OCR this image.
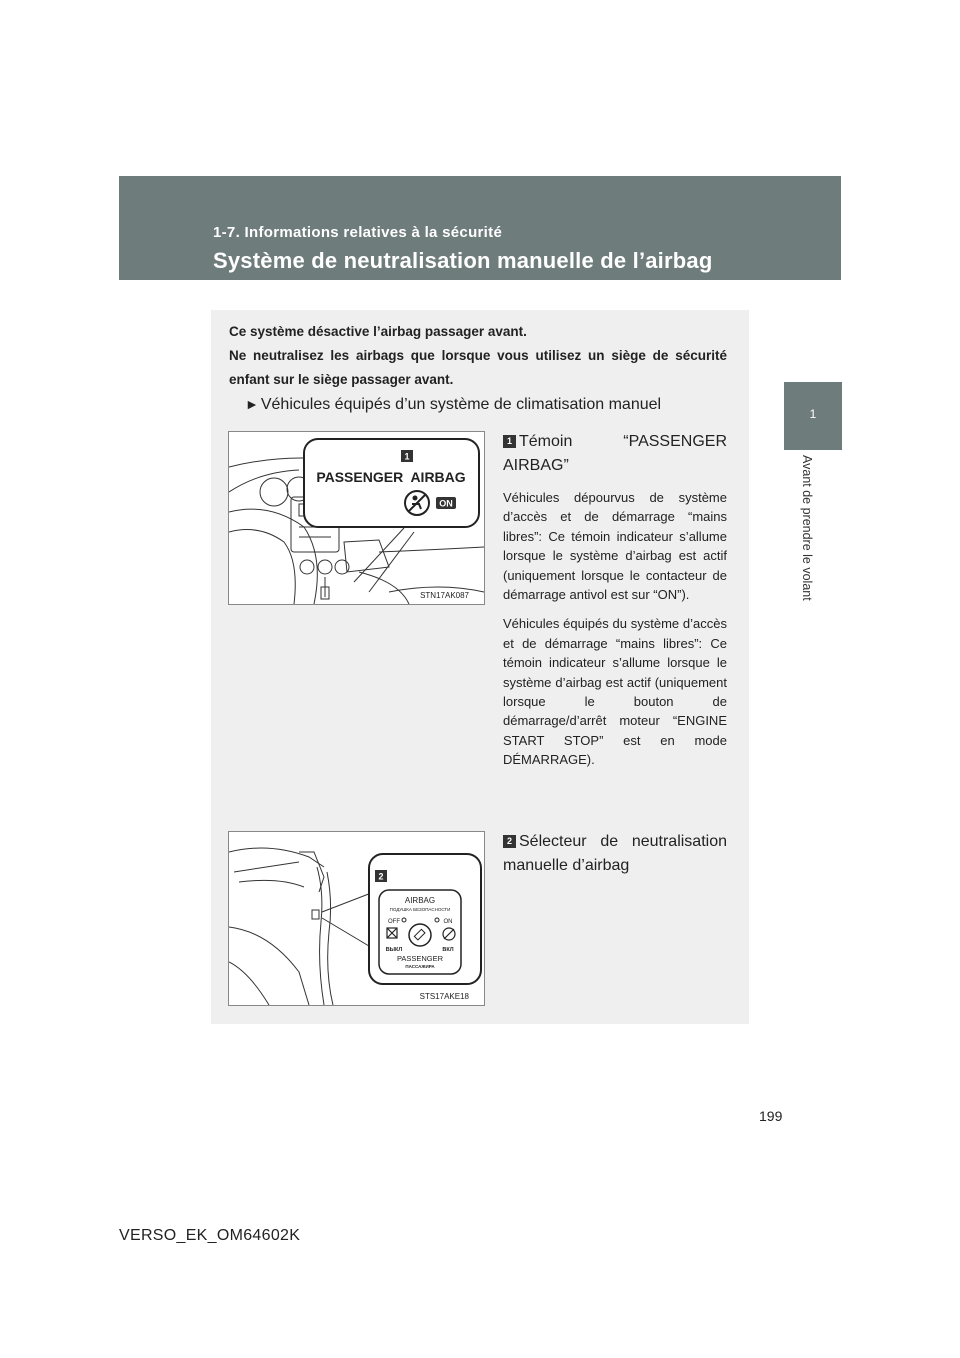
1-7. Informations relatives à la sécurité
Système de neutralisation manuelle de l’airbag
1
Avant de prendre le volant

Ce système désactive l’airbag passager avant.

Ne neutralisez les airbags que lorsque vous utilisez un siège de sécurité enfant sur le siège passager avant.

► Véhicules équipés d’un système de climatisation manuel
1
PASSENGER  AIRBAG
ON
STN17AK087
1 Témoin “PASSENGER AIRBAG”

Véhicules dépourvus de système d’accès et de démarrage “mains libres”: Ce témoin indicateur s’allume lorsque le système d’airbag est actif (uniquement lorsque le contacteur de démarrage antivol est sur “ON”).

Véhicules équipés du système d’accès et de démarrage “mains libres”: Ce témoin indicateur s’allume lorsque le système d’airbag est actif (uniquement lorsque le bouton de démarrage/d’arrêt moteur “ENGINE START STOP” est en mode DÉMARRAGE).

2
AIRBAG
ПОДУШКА БЕЗОПАСНОСТИ
OFF	ON
ВЫКЛ	ВКЛ
PASSENGER
ПАССАЖИРА
STS17AKE18
2 Sélecteur de neutralisation manuelle d’airbag
199
VERSO_EK_OM64602K
